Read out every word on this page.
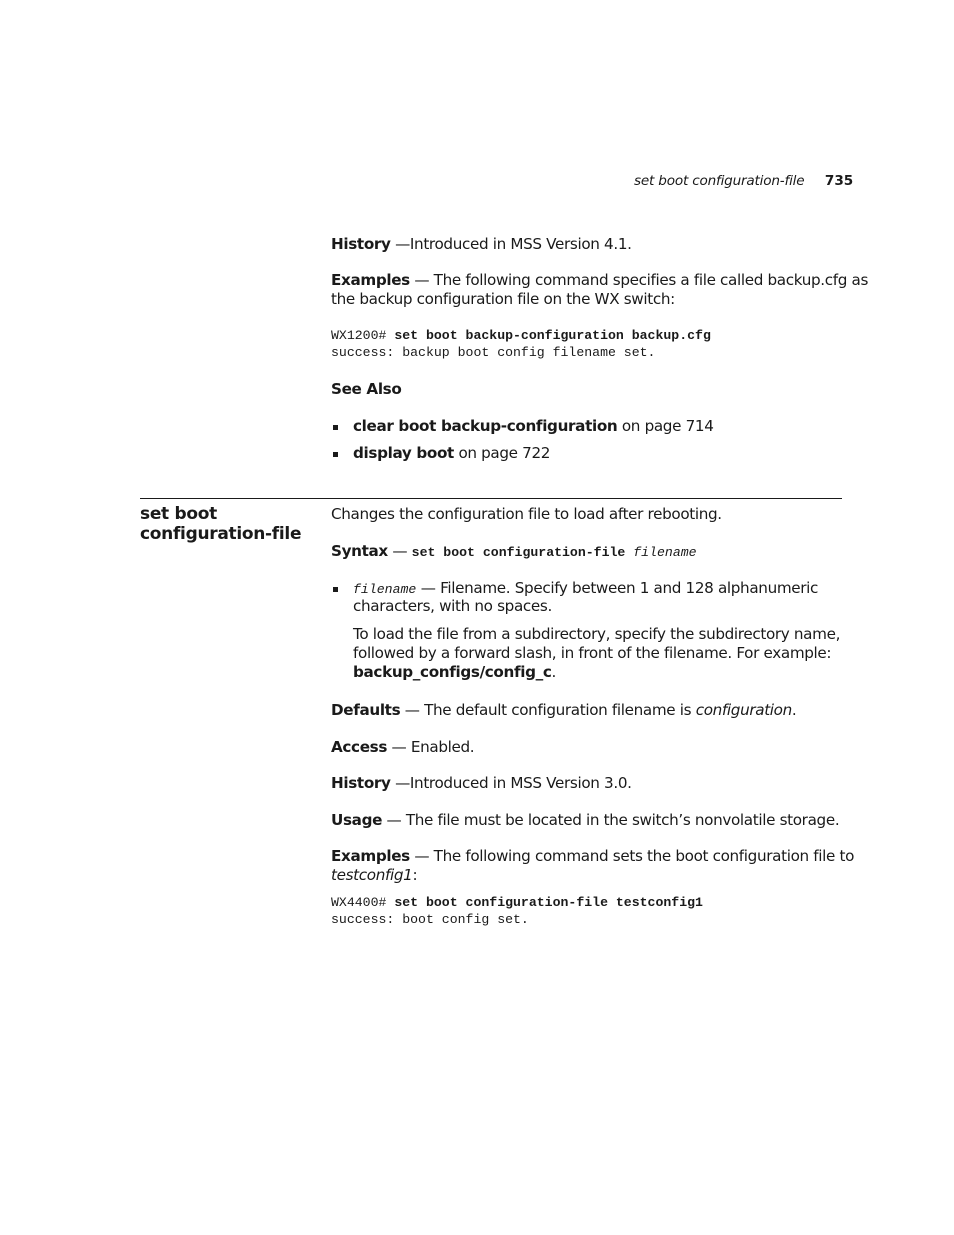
set boot configuration-file 735
History —Introduced in MSS Version 4.1.
Examples — The following command specifies a file called backup.cfg as
the backup configuration file on the WX switch:
WX1200# set boot backup-configuration backup.cfg
success: backup boot config filename set.
See Also
clear boot backup-configuration on page 714
display boot on page 722
set boot
configuration-file
Changes the configuration file to load after rebooting.
Syntax — set boot configuration-file filename
filename — Filename. Specify between 1 and 128 alphanumeric
characters, with no spaces.
To load the file from a subdirectory, specify the subdirectory name,
followed by a forward slash, in front of the filename. For example:
backup_configs/config_c.
Defaults — The default configuration filename is configuration.
Access — Enabled.
History —Introduced in MSS Version 3.0.
Usage — The file must be located in the switch’s nonvolatile storage.
Examples — The following command sets the boot configuration file to
testconfig1:
WX4400# set boot configuration-file testconfig1
success: boot config set.
